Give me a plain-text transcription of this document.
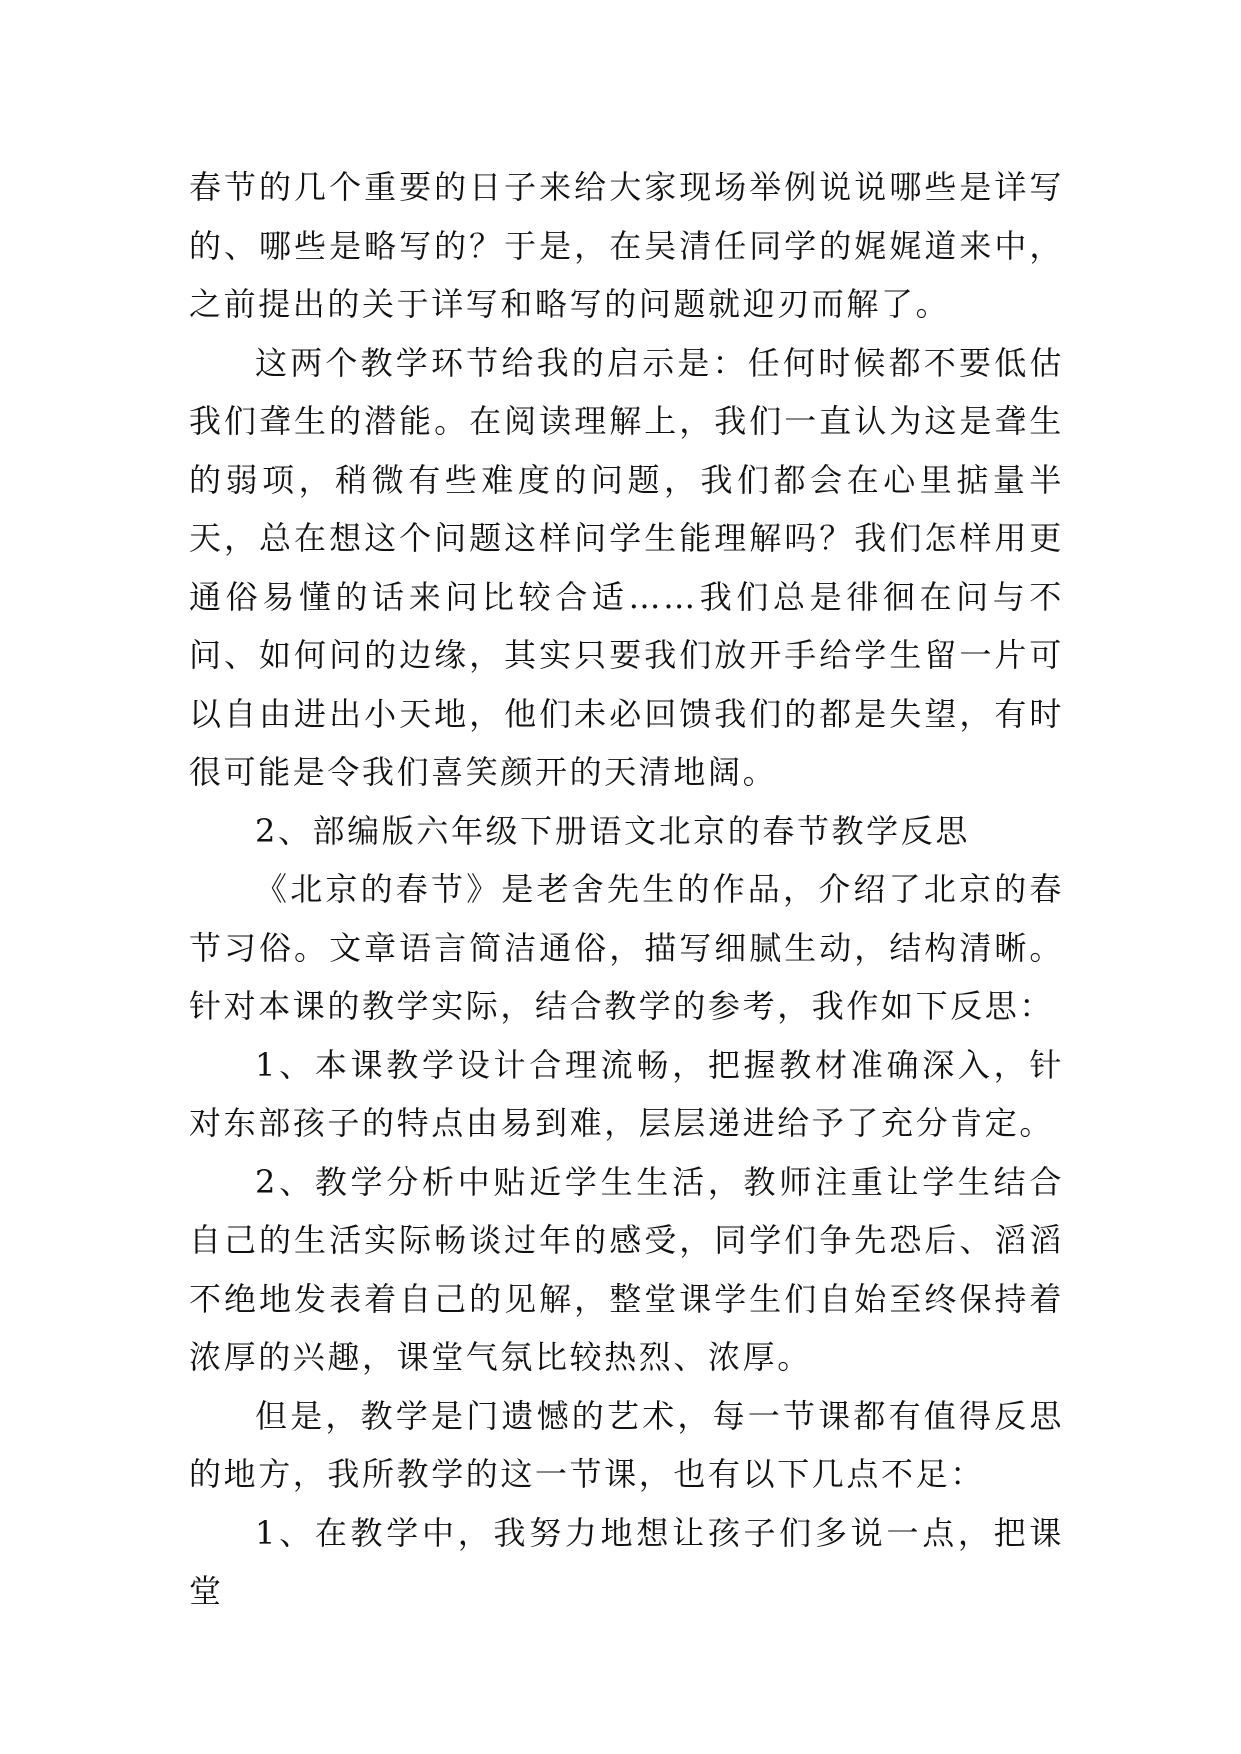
春节的几个重要的日子来给大家现场举例说说哪些是详写的、哪些是略写的？于是，在吴清任同学的娓娓道来中，之前提出的关于详写和略写的问题就迎刃而解了。

这两个教学环节给我的启示是：任何时候都不要低估我们聋生的潜能。在阅读理解上，我们一直认为这是聋生的弱项，稍微有些难度的问题，我们都会在心里掂量半天，总在想这个问题这样问学生能理解吗？我们怎样用更通俗易懂的话来问比较合适……我们总是徘徊在问与不问、如何问的边缘，其实只要我们放开手给学生留一片可以自由进出小天地，他们未必回馈我们的都是失望，有时很可能是令我们喜笑颜开的天清地阔。

2、部编版六年级下册语文北京的春节教学反思

《北京的春节》是老舍先生的作品，介绍了北京的春节习俗。文章语言简洁通俗，描写细腻生动，结构清晰。针对本课的教学实际，结合教学的参考，我作如下反思：

1、本课教学设计合理流畅，把握教材准确深入，针对东部孩子的特点由易到难，层层递进给予了充分肯定。

2、教学分析中贴近学生生活，教师注重让学生结合自己的生活实际畅谈过年的感受，同学们争先恐后、滔滔不绝地发表着自己的见解，整堂课学生们自始至终保持着浓厚的兴趣，课堂气氛比较热烈、浓厚。

但是，教学是门遗憾的艺术，每一节课都有值得反思的地方，我所教学的这一节课，也有以下几点不足：

1、在教学中，我努力地想让孩子们多说一点，把课堂
